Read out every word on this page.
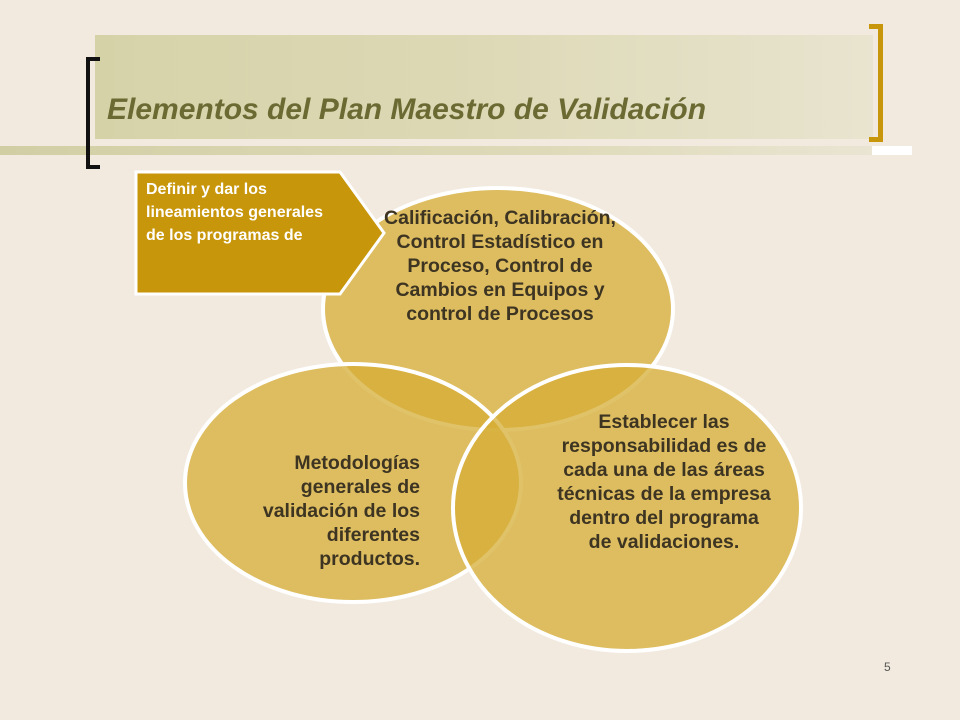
Elementos del Plan Maestro de Validación

Calificación, Calibración, Control Estadístico en Proceso, Control de Cambios en Equipos y control de Procesos

Metodologías generales de validación de los diferentes productos.

Establecer las responsabilidad es de cada una de las áreas técnicas de la empresa dentro del programa de validaciones.

Definir y dar los lineamientos generales de los programas de

5
